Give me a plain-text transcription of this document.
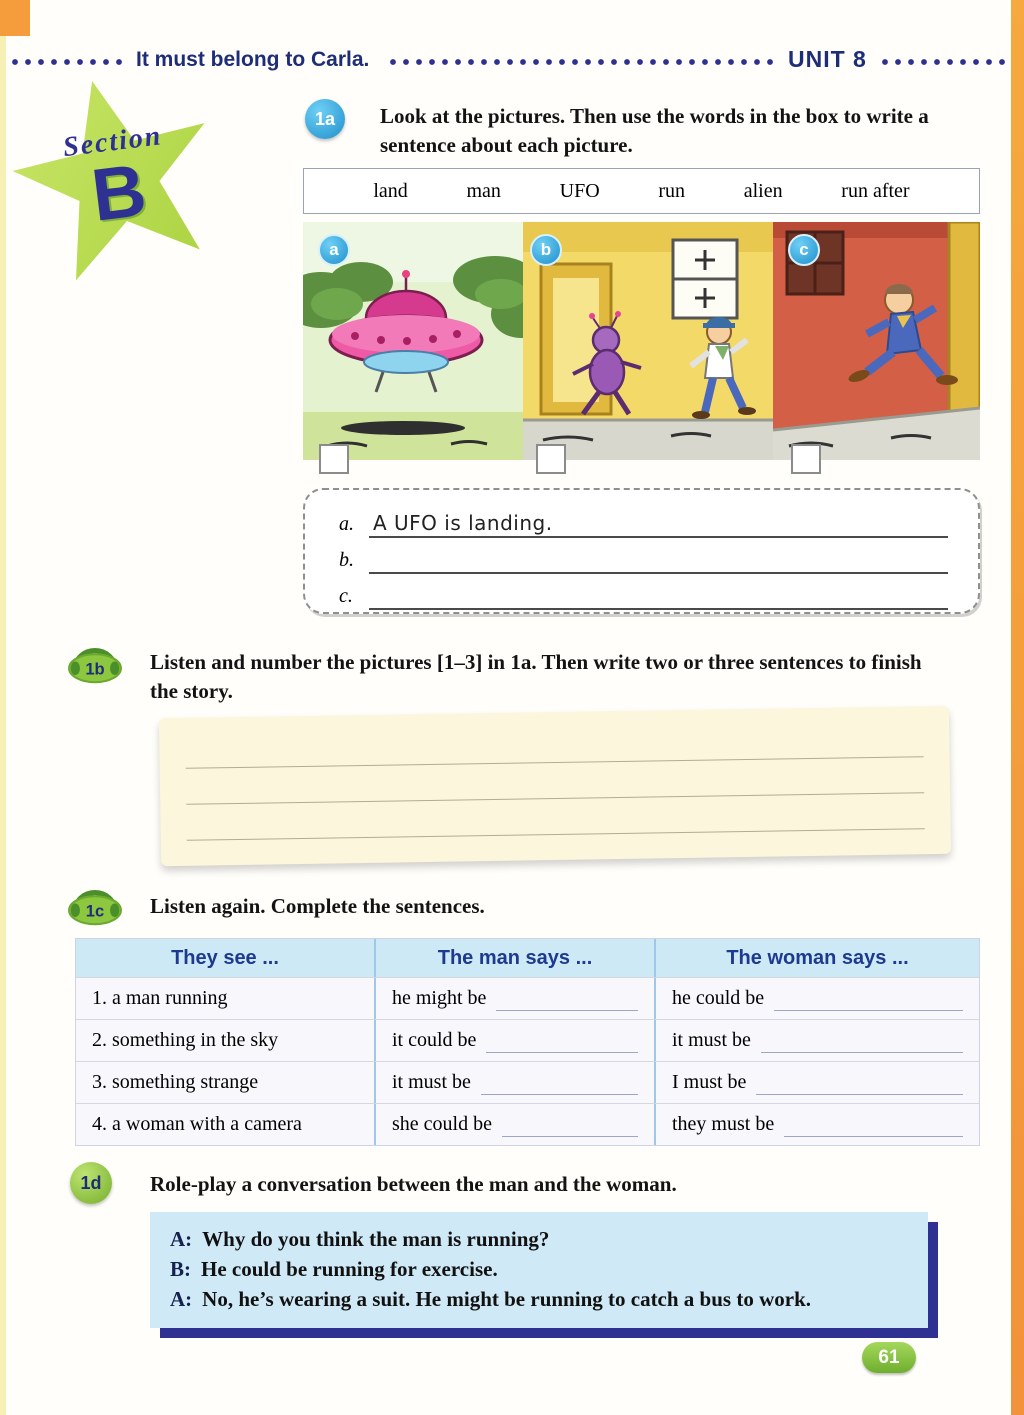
It must belong to Carla.	UNIT 8
Section
B
1a Look at the pictures. Then use the words in the box to write a sentence about each picture.
land	man	UFO	run	alien	run after
a	b	c
a. A UFO is landing.
b.
c.
1b Listen and number the pictures [1–3] in 1a. Then write two or three sentences to finish the story.
1c Listen again. Complete the sentences.
They see ...	The man says ...	The woman says ...
1. a man running	he might be	he could be
2. something in the sky	it could be	it must be
3. something strange	it must be	I must be
4. a woman with a camera	she could be	they must be
1d Role-play a conversation between the man and the woman.
A: Why do you think the man is running?
B: He could be running for exercise.
A: No, he’s wearing a suit. He might be running to catch a bus to work.
61
